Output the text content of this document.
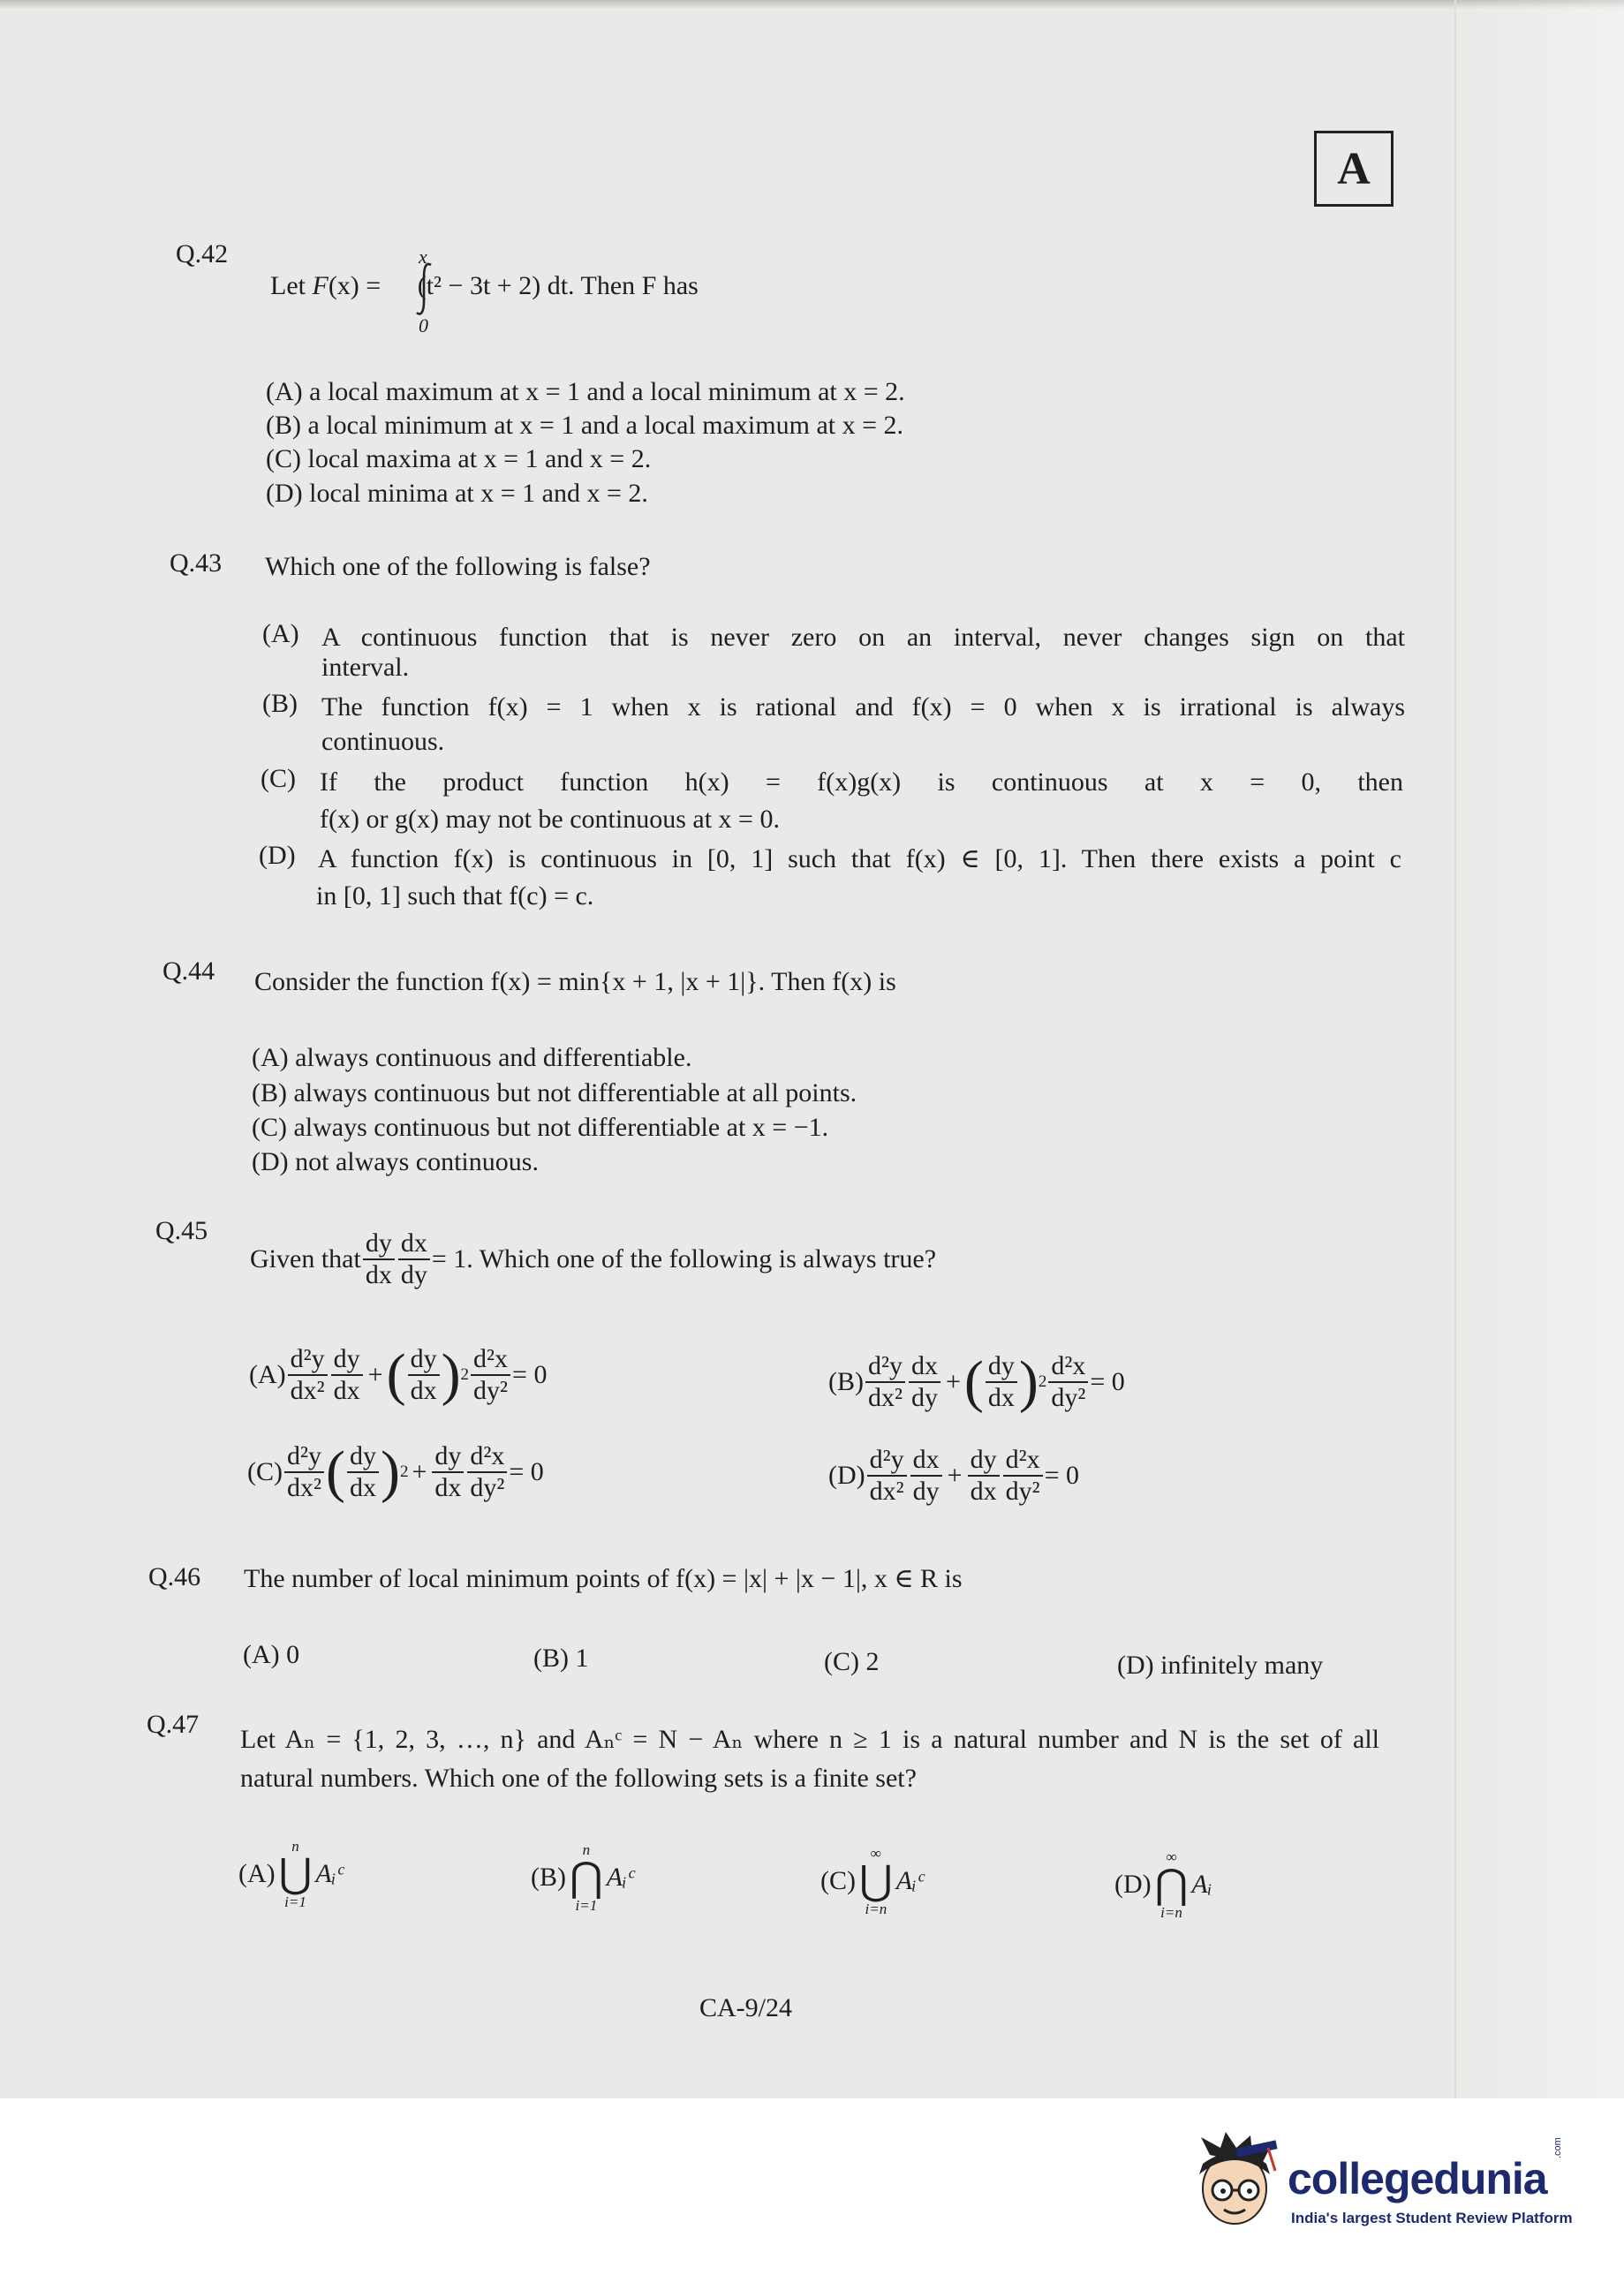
A
Q.42
Let F(x) = (t² − 3t + 2) dt. Then F has
x
0
(A) a local maximum at x = 1 and a local minimum at x = 2.
(B) a local minimum at x = 1 and a local maximum at x = 2.
(C) local maxima at x = 1 and x = 2.
(D) local minima at x = 1 and x = 2.
Q.43 Which one of the following is false?
(A) A continuous function that is never zero on an interval, never changes sign on that
interval.
(B) The function f(x) = 1 when x is rational and f(x) = 0 when x is irrational is always
continuous.
(C) If the product function h(x) = f(x)g(x) is continuous at x = 0, then
f(x) or g(x) may not be continuous at x = 0.
(D) A function f(x) is continuous in [0, 1] such that f(x) ∈ [0, 1]. Then there exists a point c
in [0, 1] such that f(c) = c.
Q.44 Consider the function f(x) = min{x + 1, |x + 1|}. Then f(x) is
(A) always continuous and differentiable.
(B) always continuous but not differentiable at all points.
(C) always continuous but not differentiable at x = −1.
(D) not always continuous.
Q.45
Given that $\frac{dy}{dx} \frac{dx}{dy} = 1$. Which one of the following is always true?
$(A) \frac{\text{d²y}}{\text{dx²}} \frac{dy}{dx}$ + ( $\frac{dy}{dx}$ ) $2 \frac{\text{d²x}}{\text{dy²}} = 0$	$(B) \frac{\text{d²y}}{\text{dx²}} \frac{dx}{dy}$ + ( $\frac{dy}{dx}$ ) $2 \frac{\text{d²x}}{\text{dy²}} = 0$
$(C) \frac{\text{d²y}}{\text{dx²}}$ ( $\frac{dy}{dx}$ ) $2 + \frac{dy}{dx} \frac{\text{d²x}}{\text{dy²}} = 0$	$(D) \frac{\text{d²y}}{\text{dx²}} \frac{dx}{dy} + \frac{dy}{dx} \frac{\text{d²x}}{\text{dy²}} = 0$
Q.46 The number of local minimum points of f(x) = |x| + |x − 1|, x ∈ R is
(A) 0	(B) 1	(C) 2	(D) infinitely many
Q.47
Let Aₙ = {1, 2, 3, …, n} and Aₙᶜ = N − Aₙ where n ≥ 1 is a natural number and N is the set of all
natural numbers. Which one of the following sets is a finite set?
(A)
n
⋃
i=1
Aᵢᶜ	(B)
n
⋂
i=1
Aᵢᶜ	(C)
∞
⋃
i=n
Aᵢᶜ	(D)
∞
⋂
i=n
Aᵢ
CA-9/24
collegedunia
.com
India's largest Student Review Platform
